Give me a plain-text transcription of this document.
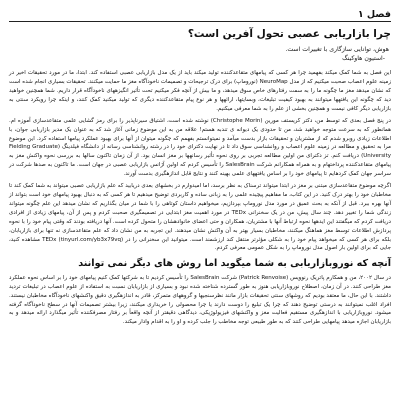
فصل ۱
چرا بازاریابی عصبی تحول آفرین است؟

هوش، توانایی سازگاری با تغییرات است.

-استیون هاوکینگ

این فصل به شما کمک میکند بفهمید چرا هر کسی که پیامهای متقاعدکننده تولید میکند باید از یک مدل بازاریابی عصبی استفاده کند. ابتدا، ما در مورد تحقیقات اخیر در زمینه علوم اعصاب صحبت میکنیم که از مدل NeuroMap (نوروماپ) برای درک ترجیحات و تصمیمات ناخودآگاه مغز ما حمایت میکنند. تحقیقات بسیاری انجام شده است که نشان میدهد مغز ما چگونه ما را به سمت رفتارهای خاص سوق میدهد، و ما بیش از آنچه فکر میکنیم تحت تأثیر انگیزههای ناخودآگاه قرار داریم. شما همچنین خواهید دید که چگونه این یافتهها میتوانند به بهبود کیفیت تبلیغات، وبسایتها، ارائهها و هر نوع پیام متقاعدکننده دیگری که تولید میکنید کمک کنند، و اینکه چرا رویکرد سنتی به بازاریابی دیگر کافی نیست و همچنین بخشی از علم را به شما معرفی میکنیم.

در پنج فصل بعدی که توسط من، دکتر کریستف مورین (Christophe Morin) نوشته شده است، اشتیاق سیرناپذیر را برای رمز گشایی علمی متقاعدسازی آموزه ام. همانطور که به سرعت متوجه خواهید شد، من تا حدودی یک دیوانه ی تندبه هستم! علاقه من به این موضوع زمانی آغاز شد که به عنوان یک مدیر بازاریابی جوان، با اطلاعات زیادی روبرو شدم که از مشتریان و تحقیقات بازار بدست میآمد و نمیتوانستم بفهمم که چگونه میتوان از آنها برای بهبود عملکرد پیامها استفاده کرد. این موضوع مرا به تحقیق و مطالعه در زمینه علوم اعصاب و روانشناسی سوق داد تا در نهایت دکترای خود را در رشته روانشناسی رسانه از دانشگاه فیلدینگ (Fielding Graduate University) دریافت کنم. تز دکترای من اولین مطالعه تجربی بر روی نحوه تأثیر رسانهها بر مغز انسان بود. از آن زمان تاکنون سالها به بررسی نحوه واکنش مغز به پیامهای متقاعدکننده پرداختهام و به همراه همکارانم شرکت SalesBrain را تأسیس کردم که اولین آژانس بازاریابی عصبی در جهان است. ما تاکنون به صدها شرکت در سراسر جهان کمک کردهایم تا پیامهای خود را بر اساس یافتههای علمی بهینه کنند و نتایج قابل اندازهگیری بدست آورند.

اگرچه موضوع متقاعدسازی مبتنی بر مغز در ابتدا میتواند ترسناک به نظر برسد، اما امیدوارم در بخشهای بعدی دریابید که علم بازاریابی عصبی میتواند به شما کمک کند تا مخاطبان خود را بهتر درک کنید. در این کتاب، ما مفاهیم پیچیده علمی را به زبانی ساده و کاربردی توضیح میدهیم تا هر کسی که به دنبال بهبود پیامهای خود است بتواند از آنها بهره ببرد. قبل از آنکه به بحث عمیق در مورد مدل نوروماپ بپردازیم، میخواهیم داستان کوتاهی را با شما در میان بگذاریم که نشان میدهد این علم چگونه میتواند زندگی شما را تغییر دهد. چند سال پیش، من در یک سخنرانی TEDx در مورد اهمیت مغز ابتدایی در تصمیمگیری صحبت کردم و پس از آن، پیامهای زیادی از افرادی دریافت کردم که میگفتند این ایدهها نحوه ارتباط آنها با مشتریان، همکاران و حتی اعضای خانوادهشان را متحول کرده است. آنها دریافته بودند که وقتی پیام خود را با نحوه پردازش اطلاعات توسط مغز هماهنگ میکنند، مخاطبان بسیار بهتر به آن واکنش نشان میدهند. این تجربه به من نشان داد که علم متقاعدسازی نه تنها برای بازاریابان، بلکه برای هر کسی که میخواهد پیام خود را به شکلی مؤثرتر منتقل کند ارزشمند است. میتوانید این سخنرانی را در TEDx (tinyurl.com/yb3x79vq) مشاهده کنید، جایی که برای اولین بار اصول مدل نوروماپ را به شکل عمومی معرفی کردم.

آنچه که نوروبازاریابی به شما میگوید اما روش های دیگر نمی توانند

در سال ۲۰۰۲، من و همکارم پاتریک رنوویس (Patrick Renvoise) شرکت SalesBrain را تأسیس کردیم تا به شرکتها کمک کنیم پیامهای خود را بر اساس نحوه عملکرد مغز طراحی کنند. در آن زمان، اصطلاح نوروبازاریابی هنوز به طور گسترده شناخته شده نبود و بسیاری از بازاریابان نسبت به استفاده از علوم اعصاب در تبلیغات تردید داشتند. با این حال، ما معتقد بودیم که روشهای سنتی تحقیقات بازار مانند نظرسنجیها و گروههای متمرکز، قادر به اندازهگیری دقیق واکنشهای ناخودآگاه مخاطبان نیستند. افراد اغلب نمیتوانند به درستی توضیح دهند که چرا یک تبلیغ را دوست دارند یا چرا محصولی را خریداری میکنند، زیرا بیشتر تصمیمات آنها در سطح ناخودآگاه گرفته میشود. نوروبازاریابی با اندازهگیری مستقیم فعالیت مغز و واکنشهای فیزیولوژیکی، دیدگاهی دقیقتر از آنچه واقعاً بر رفتار مصرفکننده تأثیر میگذارد ارائه میدهد و به بازاریابان اجازه میدهد پیامهایی طراحی کنند که به طور طبیعی توجه مخاطب را جلب کرده و او را به اقدام وادار میکند.
